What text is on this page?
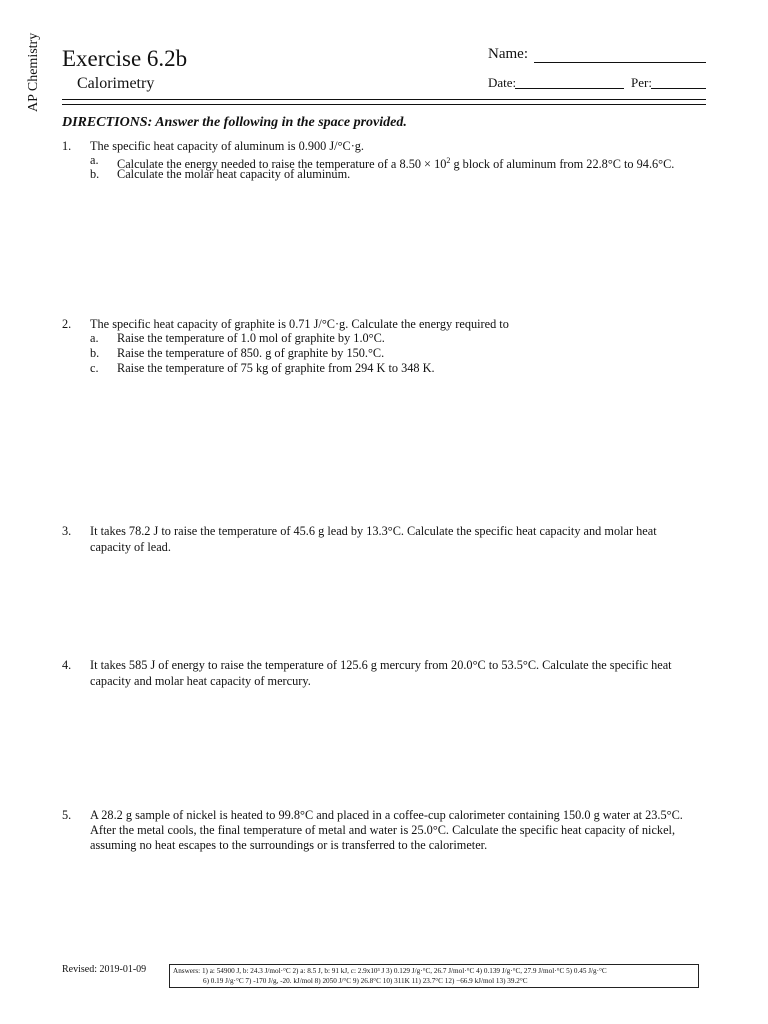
AP Chemistry Exercise 6.2b
Calorimetry
Name:
Date:	Per:
DIRECTIONS: Answer the following in the space provided.
1. The specific heat capacity of aluminum is 0.900 J/°C·g.
a. Calculate the energy needed to raise the temperature of a $8.50 \times 10^2$ g block of aluminum from 22.8°C to 94.6°C.
b. Calculate the molar heat capacity of aluminum.
2. The specific heat capacity of graphite is 0.71 J/°C·g. Calculate the energy required to
a. Raise the temperature of 1.0 mol of graphite by 1.0°C.
b. Raise the temperature of 850. g of graphite by 150.°C.
c. Raise the temperature of 75 kg of graphite from 294 K to 348 K.
3. It takes 78.2 J to raise the temperature of 45.6 g lead by 13.3°C. Calculate the specific heat capacity and molar heat
capacity of lead.
4. It takes 585 J of energy to raise the temperature of 125.6 g mercury from 20.0°C to 53.5°C. Calculate the specific heat
capacity and molar heat capacity of mercury.
5. A 28.2 g sample of nickel is heated to 99.8°C and placed in a coffee-cup calorimeter containing 150.0 g water at 23.5°C.
After the metal cools, the final temperature of metal and water is 25.0°C. Calculate the specific heat capacity of nickel,
assuming no heat escapes to the surroundings or is transferred to the calorimeter.
Revised: 2019-01-09	Answers: 1) a: 54900 J, b: 24.3 J/mol·°C 2) a: 8.5 J, b: 91 kJ, c: 2.9x10³ J 3) 0.129 J/g·°C, 26.7 J/mol·°C 4) 0.139 J/g·°C, 27.9 J/mol·°C 5) 0.45 J/g·°C
6) 0.19 J/g·°C 7) -170 J/g, -20. kJ/mol 8) 2050 J/°C 9) 26.8°C 10) 311K 11) 23.7°C 12) −66.9 kJ/mol 13) 39.2°C
